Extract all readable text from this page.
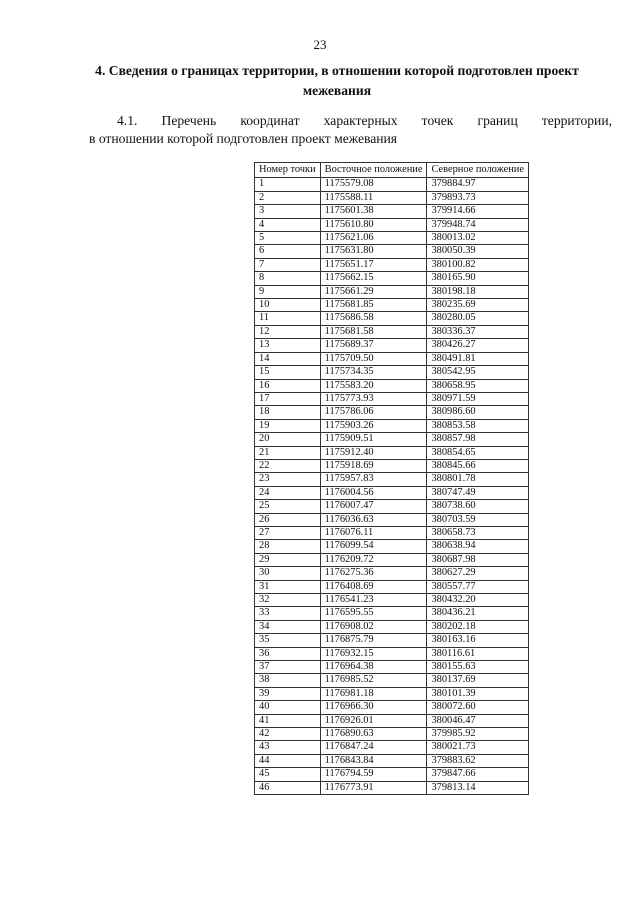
23
4. Сведения о границах территории, в отношении которой подготовлен проект межевания

4.1. Перечень координат характерных точек границ территории,
в отношении которой подготовлен проект межевания

Номер точки	Восточное положение	Северное положение
1	1175579.08	379884.97
2	1175588.11	379893.73
3	1175601.38	379914.66
4	1175610.80	379948.74
5	1175621.06	380013.02
6	1175631.80	380050.39
7	1175651.17	380100.82
8	1175662.15	380165.90
9	1175661.29	380198.18
10	1175681.85	380235.69
11	1175686.58	380280.05
12	1175681.58	380336.37
13	1175689.37	380426.27
14	1175709.50	380491.81
15	1175734.35	380542.95
16	1175583.20	380658.95
17	1175773.93	380971.59
18	1175786.06	380986.60
19	1175903.26	380853.58
20	1175909.51	380857.98
21	1175912.40	380854.65
22	1175918.69	380845.66
23	1175957.83	380801.78
24	1176004.56	380747.49
25	1176007.47	380738.60
26	1176036.63	380703.59
27	1176076.11	380658.73
28	1176099.54	380638.94
29	1176209.72	380687.98
30	1176275.36	380627.29
31	1176408.69	380557.77
32	1176541.23	380432.20
33	1176595.55	380436.21
34	1176908.02	380202.18
35	1176875.79	380163.16
36	1176932.15	380116.61
37	1176964.38	380155.63
38	1176985.52	380137.69
39	1176981.18	380101.39
40	1176966.30	380072.60
41	1176926.01	380046.47
42	1176890.63	379985.92
43	1176847.24	380021.73
44	1176843.84	379883.62
45	1176794.59	379847.66
46	1176773.91	379813.14
